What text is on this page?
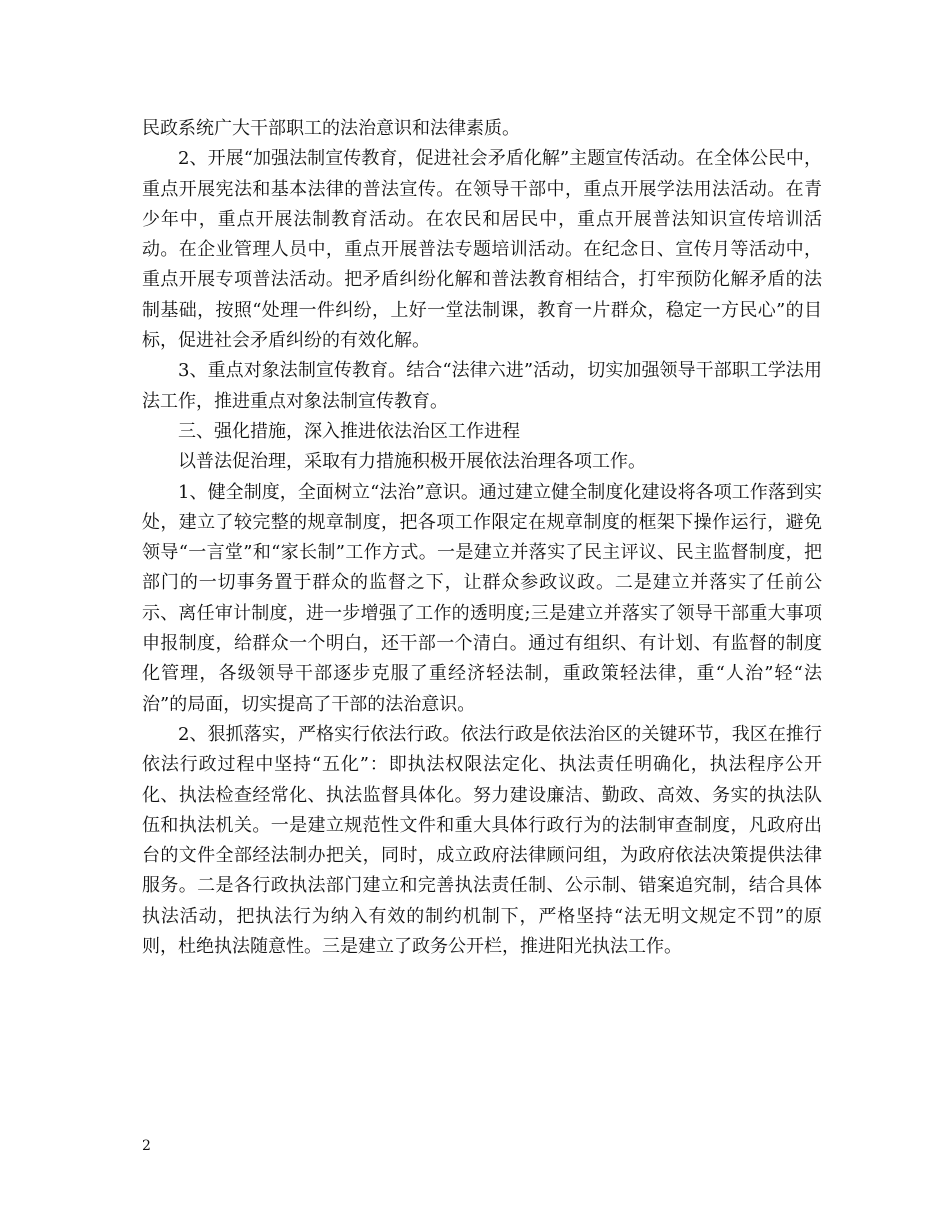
民政系统广大干部职工的法治意识和法律素质。

2、开展“加强法制宣传教育，促进社会矛盾化解”主题宣传活动。在全体公民中，重点开展宪法和基本法律的普法宣传。在领导干部中，重点开展学法用法活动。在青少年中，重点开展法制教育活动。在农民和居民中，重点开展普法知识宣传培训活动。在企业管理人员中，重点开展普法专题培训活动。在纪念日、宣传月等活动中，重点开展专项普法活动。把矛盾纠纷化解和普法教育相结合，打牢预防化解矛盾的法制基础，按照“处理一件纠纷，上好一堂法制课，教育一片群众，稳定一方民心”的目标，促进社会矛盾纠纷的有效化解。

3、重点对象法制宣传教育。结合“法律六进”活动，切实加强领导干部职工学法用法工作，推进重点对象法制宣传教育。

三、强化措施，深入推进依法治区工作进程

以普法促治理，采取有力措施积极开展依法治理各项工作。

1、健全制度，全面树立“法治”意识。通过建立健全制度化建设将各项工作落到实处，建立了较完整的规章制度，把各项工作限定在规章制度的框架下操作运行，避免领导“一言堂”和“家长制”工作方式。一是建立并落实了民主评议、民主监督制度，把部门的一切事务置于群众的监督之下，让群众参政议政。二是建立并落实了任前公示、离任审计制度，进一步增强了工作的透明度;三是建立并落实了领导干部重大事项申报制度，给群众一个明白，还干部一个清白。通过有组织、有计划、有监督的制度化管理，各级领导干部逐步克服了重经济轻法制，重政策轻法律，重“人治”轻“法治”的局面，切实提高了干部的法治意识。

2、狠抓落实，严格实行依法行政。依法行政是依法治区的关键环节，我区在推行依法行政过程中坚持“五化”：即执法权限法定化、执法责任明确化，执法程序公开化、执法检查经常化、执法监督具体化。努力建设廉洁、勤政、高效、务实的执法队伍和执法机关。一是建立规范性文件和重大具体行政行为的法制审查制度，凡政府出台的文件全部经法制办把关，同时，成立政府法律顾问组，为政府依法决策提供法律服务。二是各行政执法部门建立和完善执法责任制、公示制、错案追究制，结合具体执法活动，把执法行为纳入有效的制约机制下，严格坚持“法无明文规定不罚”的原则，杜绝执法随意性。三是建立了政务公开栏，推进阳光执法工作。

2
